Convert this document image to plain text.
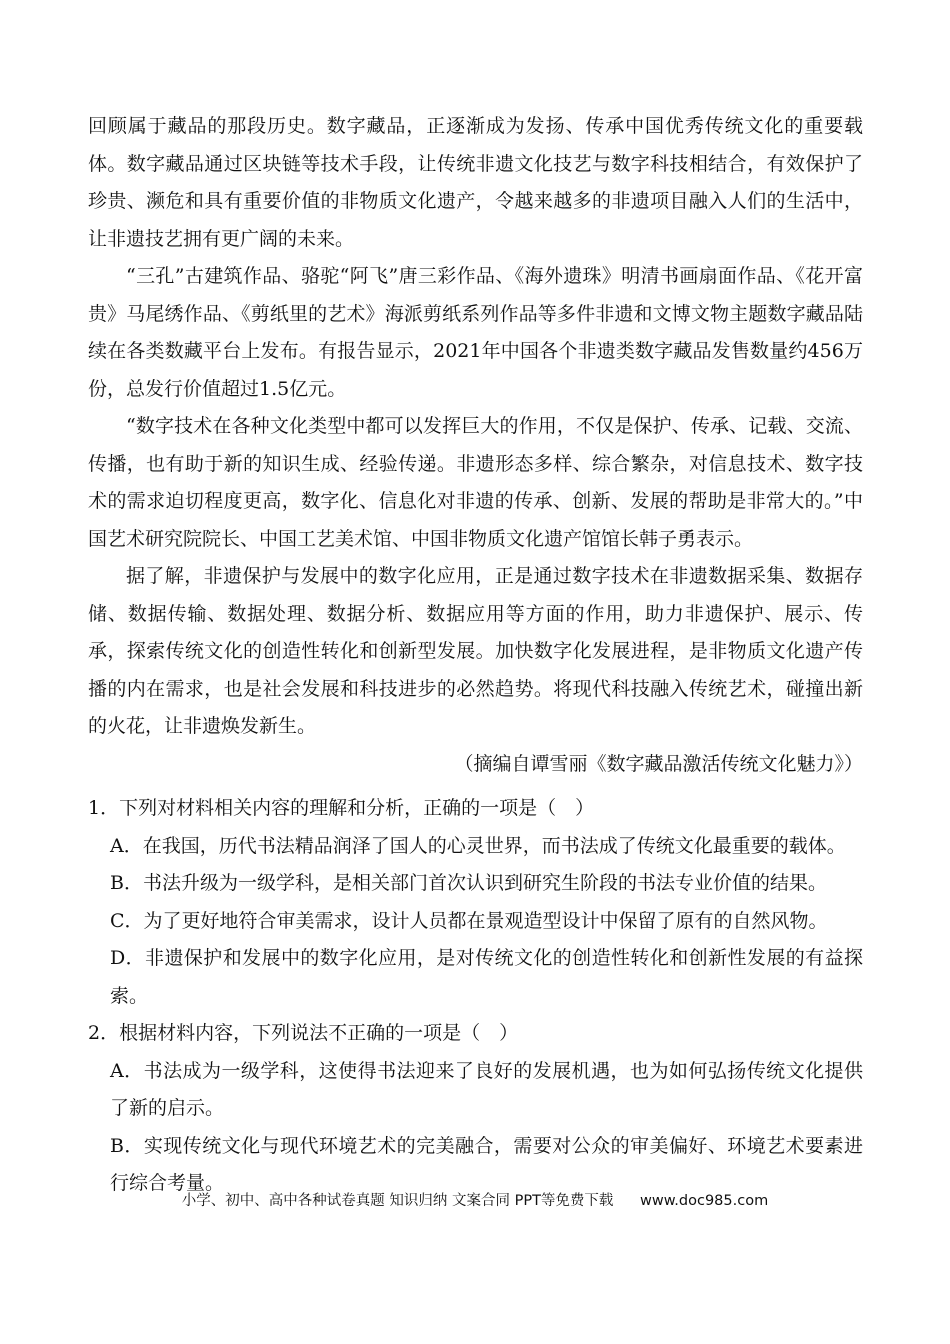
回顾属于藏品的那段历史。数字藏品，正逐渐成为发扬、传承中国优秀传统文化的重要载体。数字藏品通过区块链等技术手段，让传统非遗文化技艺与数字科技相结合，有效保护了珍贵、濒危和具有重要价值的非物质文化遗产，令越来越多的非遗项目融入人们的生活中，让非遗技艺拥有更广阔的未来。

“三孔”古建筑作品、骆驼“阿飞”唐三彩作品、《海外遗珠》明清书画扇面作品、《花开富贵》马尾绣作品、《剪纸里的艺术》海派剪纸系列作品等多件非遗和文博文物主题数字藏品陆续在各类数藏平台上发布。有报告显示，2021年中国各个非遗类数字藏品发售数量约456万份，总发行价值超过1.5亿元。

“数字技术在各种文化类型中都可以发挥巨大的作用，不仅是保护、传承、记载、交流、传播，也有助于新的知识生成、经验传递。非遗形态多样、综合繁杂，对信息技术、数字技术的需求迫切程度更高，数字化、信息化对非遗的传承、创新、发展的帮助是非常大的。”中国艺术研究院院长、中国工艺美术馆、中国非物质文化遗产馆馆长韩子勇表示。

据了解，非遗保护与发展中的数字化应用，正是通过数字技术在非遗数据采集、数据存储、数据传输、数据处理、数据分析、数据应用等方面的作用，助力非遗保护、展示、传承，探索传统文化的创造性转化和创新型发展。加快数字化发展进程，是非物质文化遗产传播的内在需求，也是社会发展和科技进步的必然趋势。将现代科技融入传统艺术，碰撞出新的火花，让非遗焕发新生。

（摘编自谭雪丽《数字藏品激活传统文化魅力》）

1．下列对材料相关内容的理解和分析，正确的一项是（　）

A．在我国，历代书法精品润泽了国人的心灵世界，而书法成了传统文化最重要的载体。

B．书法升级为一级学科，是相关部门首次认识到研究生阶段的书法专业价值的结果。

C．为了更好地符合审美需求，设计人员都在景观造型设计中保留了原有的自然风物。

D．非遗保护和发展中的数字化应用，是对传统文化的创造性转化和创新性发展的有益探索。

2．根据材料内容，下列说法不正确的一项是（　）

A．书法成为一级学科，这使得书法迎来了良好的发展机遇，也为如何弘扬传统文化提供了新的启示。

B．实现传统文化与现代环境艺术的完美融合，需要对公众的审美偏好、环境艺术要素进行综合考量。

小学、初中、高中各种试卷真题 知识归纳 文案合同 PPT等免费下载 www.doc985.com
